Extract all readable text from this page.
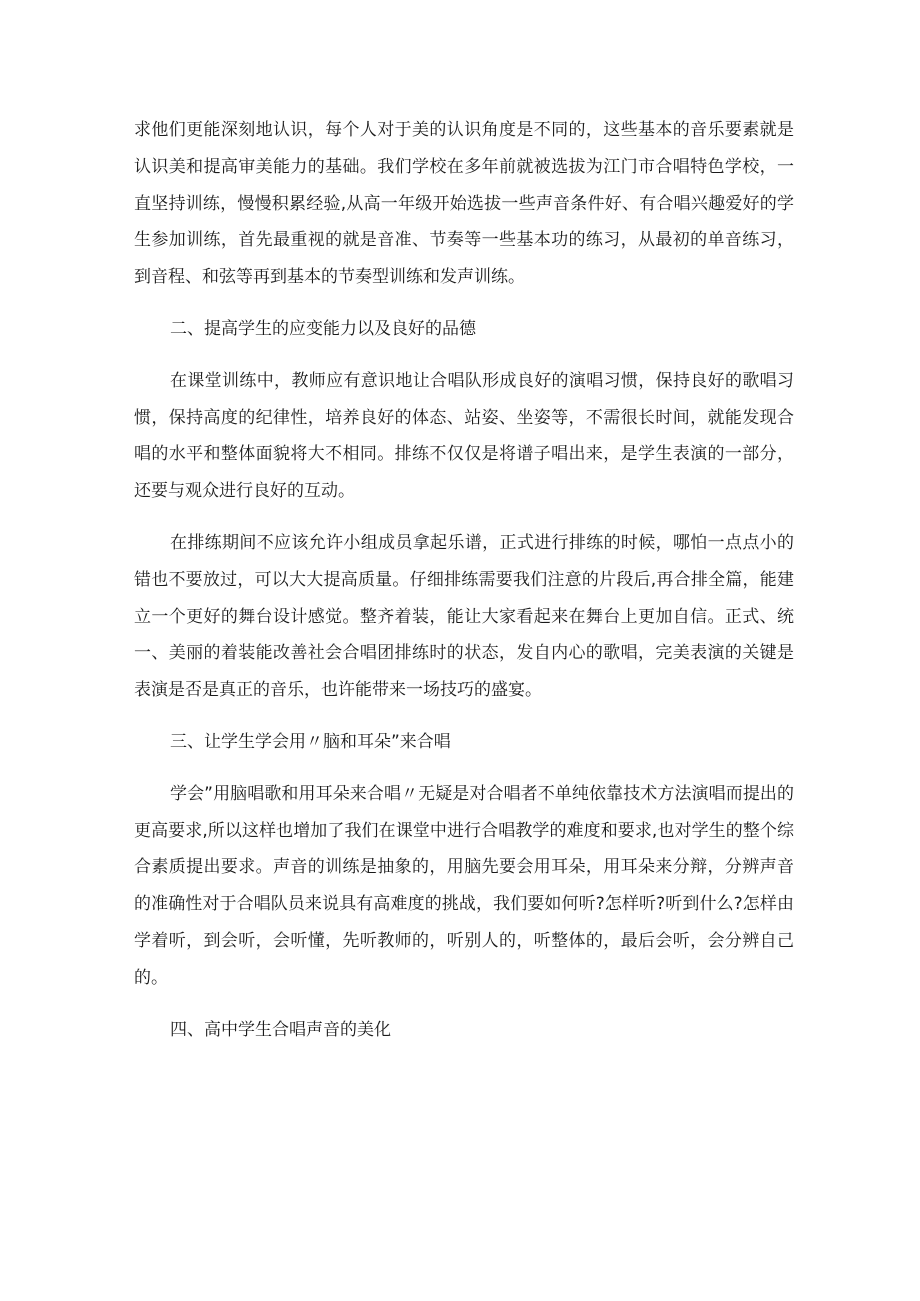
求他们更能深刻地认识，每个人对于美的认识角度是不同的，这些基本的音乐要素就是认识美和提高审美能力的基础。我们学校在多年前就被选拔为江门市合唱特色学校，一直坚持训练，慢慢积累经验,从高一年级开始选拔一些声音条件好、有合唱兴趣爱好的学生参加训练，首先最重视的就是音准、节奏等一些基本功的练习，从最初的单音练习，到音程、和弦等再到基本的节奏型训练和发声训练。

二、提高学生的应变能力以及良好的品德

在课堂训练中，教师应有意识地让合唱队形成良好的演唱习惯，保持良好的歌唱习惯，保持高度的纪律性，培养良好的体态、站姿、坐姿等，不需很长时间，就能发现合唱的水平和整体面貌将大不相同。排练不仅仅是将谱子唱出来，是学生表演的一部分，还要与观众进行良好的互动。

在排练期间不应该允许小组成员拿起乐谱，正式进行排练的时候，哪怕一点点小的错也不要放过，可以大大提高质量。仔细排练需要我们注意的片段后,再合排全篇，能建立一个更好的舞台设计感觉。整齐着装，能让大家看起来在舞台上更加自信。正式、统一、美丽的着装能改善社会合唱团排练时的状态，发自内心的歌唱，完美表演的关键是表演是否是真正的音乐，也许能带来一场技巧的盛宴。

三、让学生学会用〃脑和耳朵”来合唱

学会”用脑唱歌和用耳朵来合唱〃无疑是对合唱者不单纯依靠技术方法演唱而提出的更高要求,所以这样也增加了我们在课堂中进行合唱教学的难度和要求,也对学生的整个综合素质提出要求。声音的训练是抽象的，用脑先要会用耳朵，用耳朵来分辩，分辨声音的准确性对于合唱队员来说具有高难度的挑战，我们要如何听?怎样听?听到什么?怎样由学着听，到会听，会听懂，先听教师的，听别人的，听整体的，最后会听，会分辨自己的。

四、高中学生合唱声音的美化
